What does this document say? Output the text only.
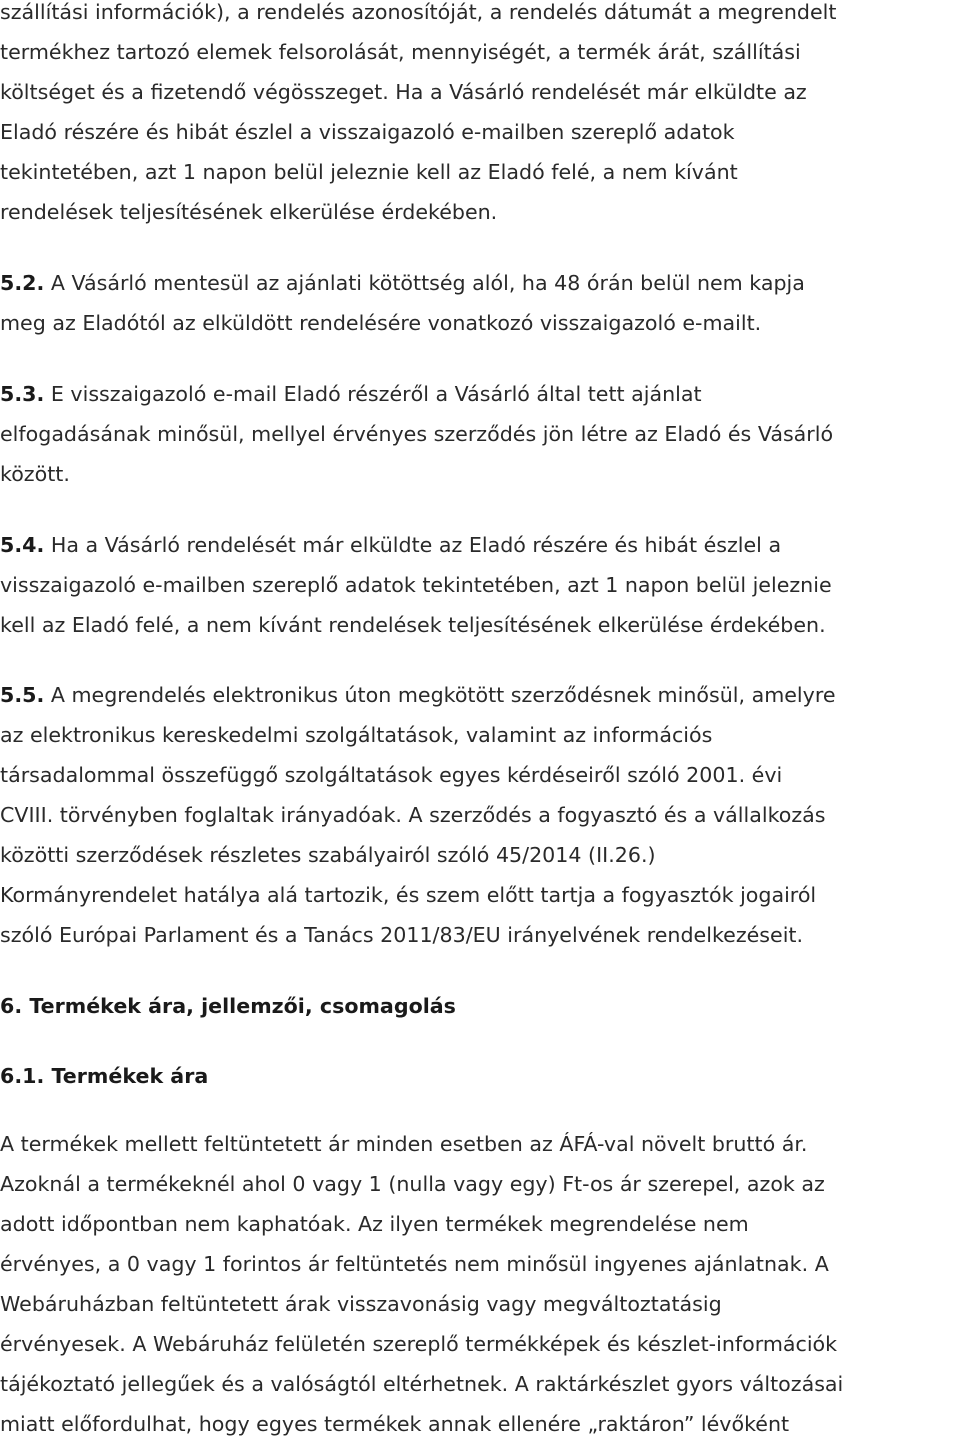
szállítási információk), a rendelés azonosítóját, a rendelés dátumát a megrendelt
termékhez tartozó elemek felsorolását, mennyiségét, a termék árát, szállítási
költséget és a fizetendő végösszeget. Ha a Vásárló rendelését már elküldte az
Eladó részére és hibát észlel a visszaigazoló e-mailben szereplő adatok
tekintetében, azt 1 napon belül jeleznie kell az Eladó felé, a nem kívánt
rendelések teljesítésének elkerülése érdekében.
5.2. A Vásárló mentesül az ajánlati kötöttség alól, ha 48 órán belül nem kapja
meg az Eladótól az elküldött rendelésére vonatkozó visszaigazoló e-mailt.
5.3. E visszaigazoló e-mail Eladó részéről a Vásárló által tett ajánlat
elfogadásának minősül, mellyel érvényes szerződés jön létre az Eladó és Vásárló
között.
5.4. Ha a Vásárló rendelését már elküldte az Eladó részére és hibát észlel a
visszaigazoló e-mailben szereplő adatok tekintetében, azt 1 napon belül jeleznie
kell az Eladó felé, a nem kívánt rendelések teljesítésének elkerülése érdekében.
5.5. A megrendelés elektronikus úton megkötött szerződésnek minősül, amelyre
az elektronikus kereskedelmi szolgáltatások, valamint az információs
társadalommal összefüggő szolgáltatások egyes kérdéseiről szóló 2001. évi
CVIII. törvényben foglaltak irányadóak. A szerződés a fogyasztó és a vállalkozás
közötti szerződések részletes szabályairól szóló 45/2014 (II.26.)
Kormányrendelet hatálya alá tartozik, és szem előtt tartja a fogyasztók jogairól
szóló Európai Parlament és a Tanács 2011/83/EU irányelvének rendelkezéseit.
6. Termékek ára, jellemzői, csomagolás
6.1. Termékek ára
A termékek mellett feltüntetett ár minden esetben az ÁFÁ-val növelt bruttó ár.
Azoknál a termékeknél ahol 0 vagy 1 (nulla vagy egy) Ft-os ár szerepel, azok az
adott időpontban nem kaphatóak. Az ilyen termékek megrendelése nem
érvényes, a 0 vagy 1 forintos ár feltüntetés nem minősül ingyenes ajánlatnak. A
Webáruházban feltüntetett árak visszavonásig vagy megváltoztatásig
érvényesek. A Webáruház felületén szereplő termékképek és készlet-információk
tájékoztató jellegűek és a valóságtól eltérhetnek. A raktárkészlet gyors változásai
miatt előfordulhat, hogy egyes termékek annak ellenére „raktáron” lévőként
